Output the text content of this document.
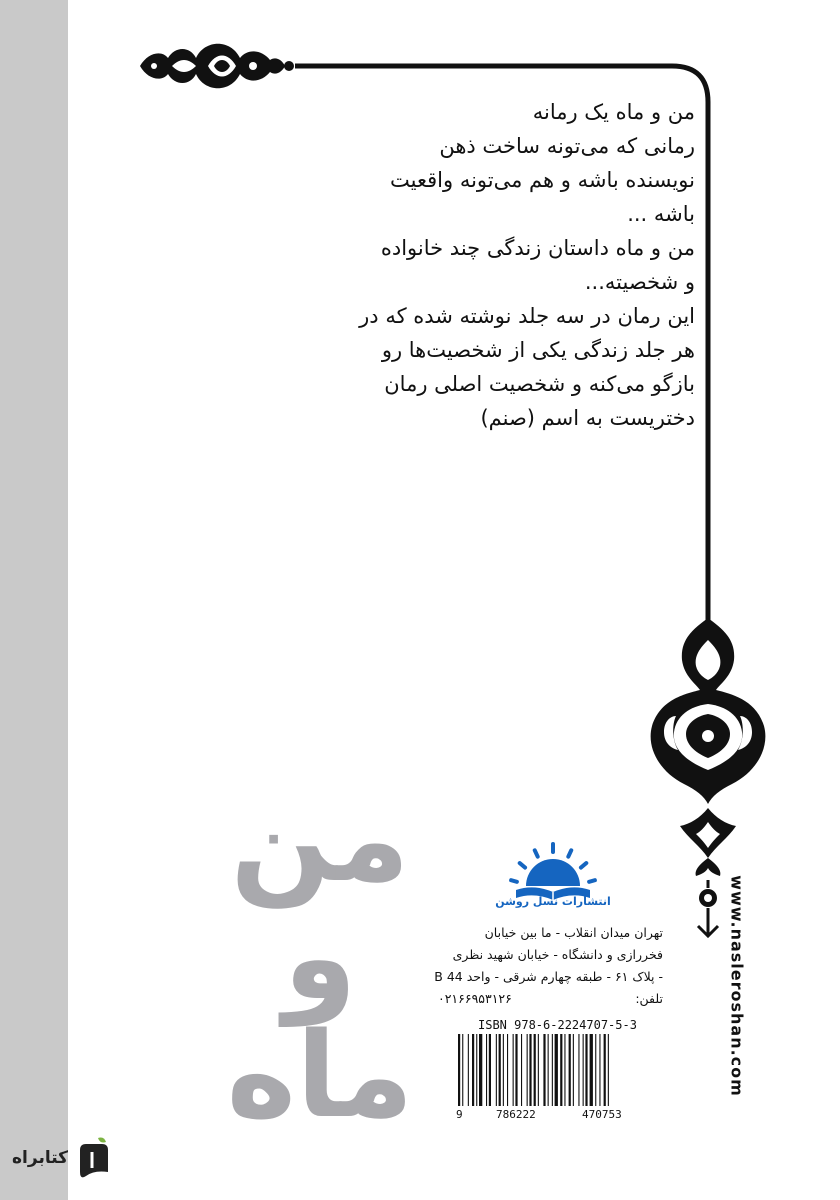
من و ماه یک رمانه

رمانی که می‌تونه ساخت ذهن

نویسنده باشه و هم می‌تونه واقعیت

باشه ...

من و ماه داستان زندگی چند خانواده

و شخصیته...

این رمان در سه جلد نوشته شده که در

هر جلد زندگی یکی از شخصیت‌ها رو

بازگو می‌کنه و شخصیت اصلی رمان

دختریست به اسم (صنم)

من
و
ماه
انتشارات نسل روشن

تهران میدان انقلاب - ما بین خیابان

فخررازی و دانشگاه - خیابان شهید نظری

- پلاک ۶۱ - طبقه چهارم شرقی - واحد 44 B

تلفن:
۰۲۱۶۶۹۵۳۱۲۶

ISBN 978-6-2224707-5-3
9	786222	470753
www.nasleroshan.com
کتابراه
